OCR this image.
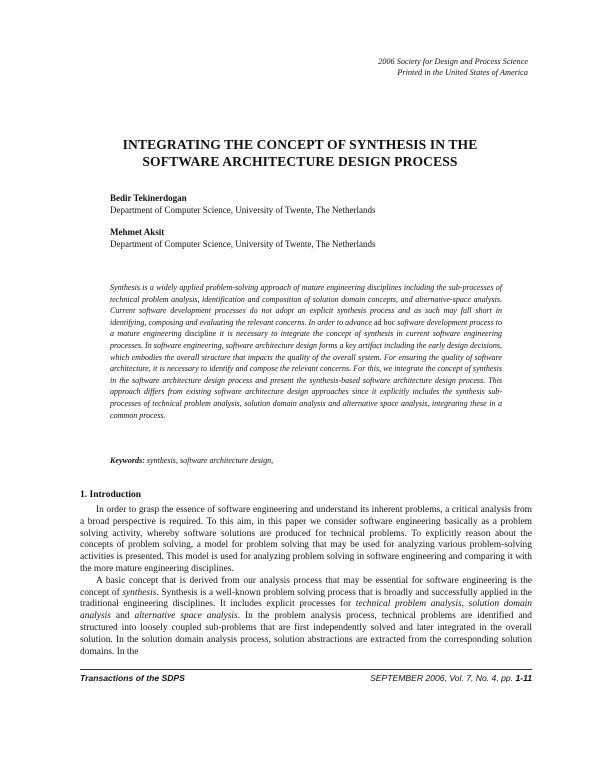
2006 Society for Design and Process Science
Printed in the United States of America
INTEGRATING THE CONCEPT OF SYNTHESIS IN THE
SOFTWARE ARCHITECTURE DESIGN PROCESS
Bedir Tekinerdogan
Department of Computer Science, University of Twente, The Netherlands
Mehmet Aksit
Department of Computer Science, University of Twente, The Netherlands

Synthesis is a widely applied problem-solving approach of mature engineering disciplines including the sub-processes of technical problem analysis, identification and composition of solution domain concepts, and alternative-space analysis. Current software development processes do not adopt an explicit synthesis process and as such may fall short in identifying, composing and evaluating the relevant concerns. In order to advance ad hoc software development process to a mature engineering discipline it is necessary to integrate the concept of synthesis in current software engineering processes. In software engineering, software architecture design forms a key artifact including the early design decisions, which embodies the overall structure that impacts the quality of the overall system. For ensuring the quality of software architecture, it is necessary to identify and compose the relevant concerns. For this, we integrate the concept of synthesis in the software architecture design process and present the synthesis-based software architecture design process. This approach differs from existing software architecture design approaches since it explicitly includes the synthesis sub-processes of technical problem analysis, solution domain analysis and alternative space analysis, integrating these in a common process.

Keywords: synthesis, software architecture design,
1. Introduction

In order to grasp the essence of software engineering and understand its inherent problems, a critical analysis from a broad perspective is required. To this aim, in this paper we consider software engineering basically as a problem solving activity, whereby software solutions are produced for technical problems. To explicitly reason about the concepts of problem solving, a model for problem solving that may be used for analyzing various problem-solving activities is presented. This model is used for analyzing problem solving in software engineering and comparing it with the more mature engineering disciplines.

A basic concept that is derived from our analysis process that may be essential for software engineering is the concept of synthesis. Synthesis is a well-known problem solving process that is broadly and successfully applied in the traditional engineering disciplines. It includes explicit processes for technical problem analysis, solution domain analysis and alternative space analysis. In the problem analysis process, technical problems are identified and structured into loosely coupled sub-problems that are first independently solved and later integrated in the overall solution. In the solution domain analysis process, solution abstractions are extracted from the corresponding solution domains. In the

Transactions of the SDPS	SEPTEMBER 2006, Vol. 7, No. 4, pp. 1-11
